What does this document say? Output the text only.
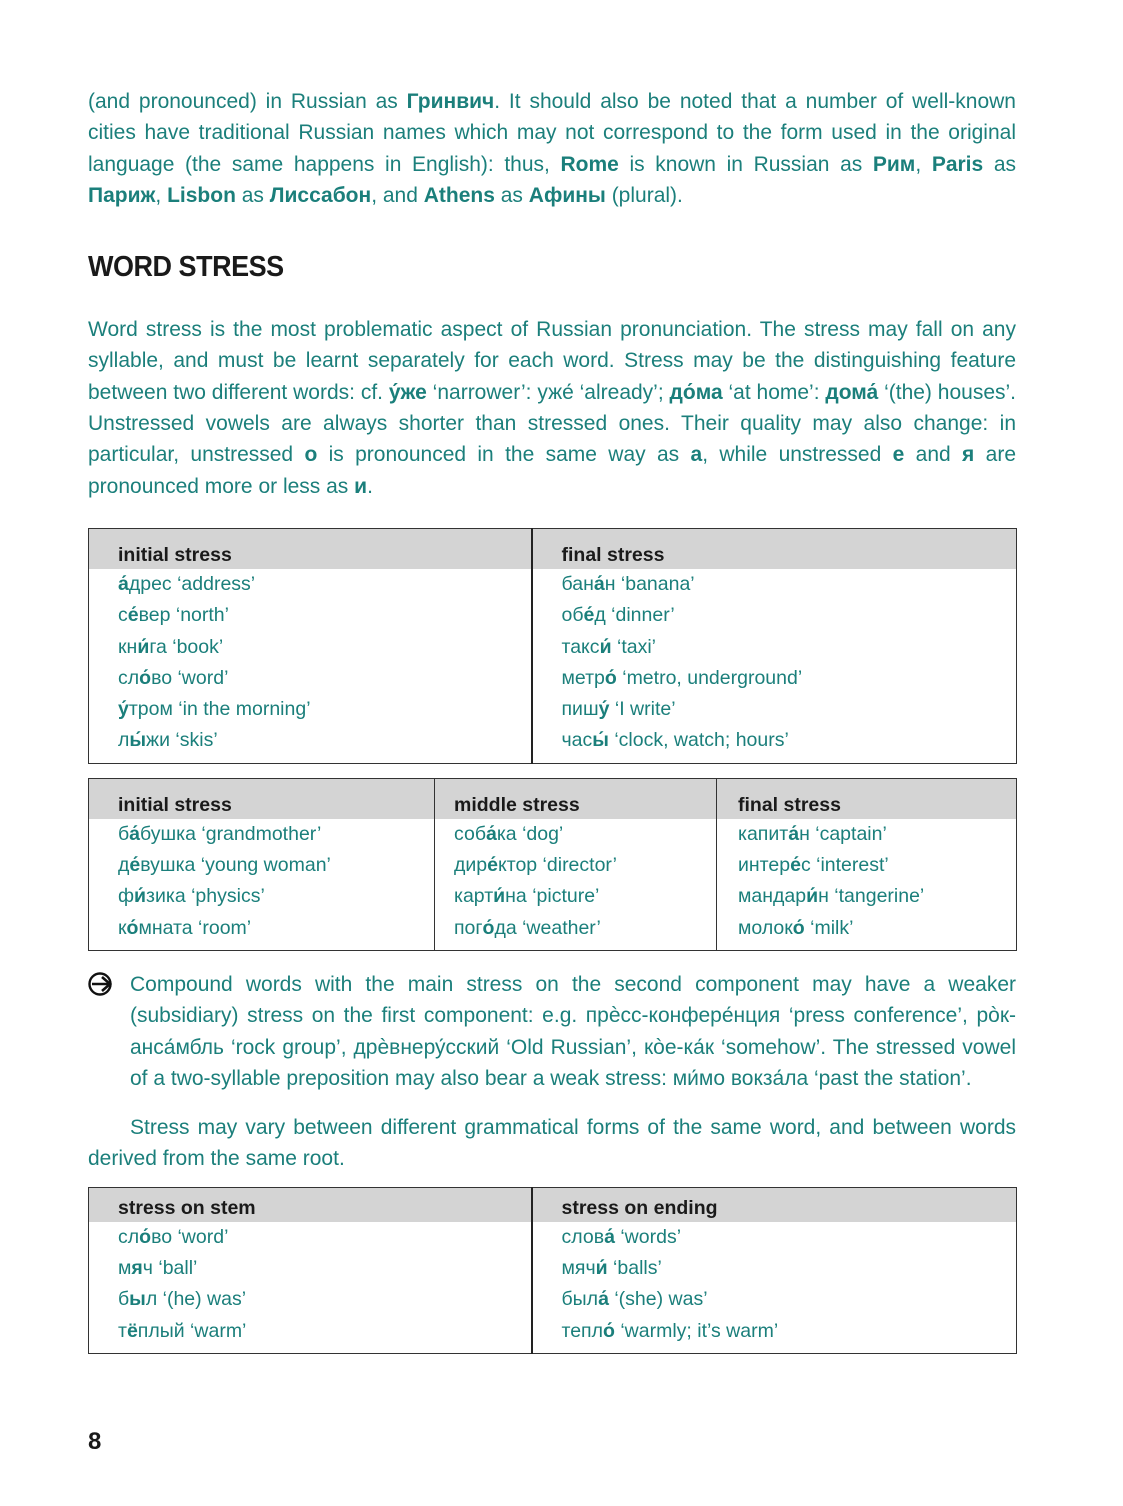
(and pronounced) in Russian as Гринвич. It should also be noted that a number of well-known cities have traditional Russian names which may not correspond to the form used in the original language (the same happens in English): thus, Rome is known in Russian as Рим, Paris as Париж, Lisbon as Лиссабон, and Athens as Афины (plural).

WORD STRESS

Word stress is the most problematic aspect of Russian pronunciation. The stress may fall on any syllable, and must be learnt separately for each word. Stress may be the distinguishing feature between two different words: cf. у́же ‘narrower’: уже́ ‘already’; до́ма ‘at home’: дома́ ‘(the) houses’. Unstressed vowels are always shorter than stressed ones. Their quality may also change: in particular, unstressed о is pronounced in the same way as а, while unstressed е and я are pronounced more or less as и.

initial stress	final stress
а́дрес ‘address’	бана́н ‘banana’
се́вер ‘north’	обе́д ‘dinner’
кни́га ‘book’	такси́ ‘taxi’
сло́во ‘word’	метро́ ‘metro, underground’
у́тром ‘in the morning’	пишу́ ‘I write’
лы́жи ‘skis’	часы́ ‘clock, watch; hours’
initial stress	middle stress	final stress
ба́бушка ‘grandmother’	соба́ка ‘dog’	капита́н ‘captain’
де́вушка ‘young woman’	дире́ктор ‘director’	интере́с ‘interest’
фи́зика ‘physics’	карти́на ‘picture’	мандари́н ‘tangerine’
ко́мната ‘room’	пого́да ‘weather’	молоко́ ‘milk’

Compound words with the main stress on the second component may have a weaker (subsidiary) stress on the first component: e.g. прѐсс-конфере́нция ‘press conference’, рòк-анса́мбль ‘rock group’, дрѐвнеру́сский ‘Old Russian’, кòе-ка́к ‘somehow’. The stressed vowel of a two-syllable preposition may also bear a weak stress: ми́мо вокза́ла ‘past the station’.

Stress may vary between different grammatical forms of the same word, and between words derived from the same root.

stress on stem	stress on ending
сло́во ‘word’	слова́ ‘words’
мяч ‘ball’	мячи́ ‘balls’
был ‘(he) was’	была́ ‘(she) was’
тёплый ‘warm’	тепло́ ‘warmly; it’s warm’
8
